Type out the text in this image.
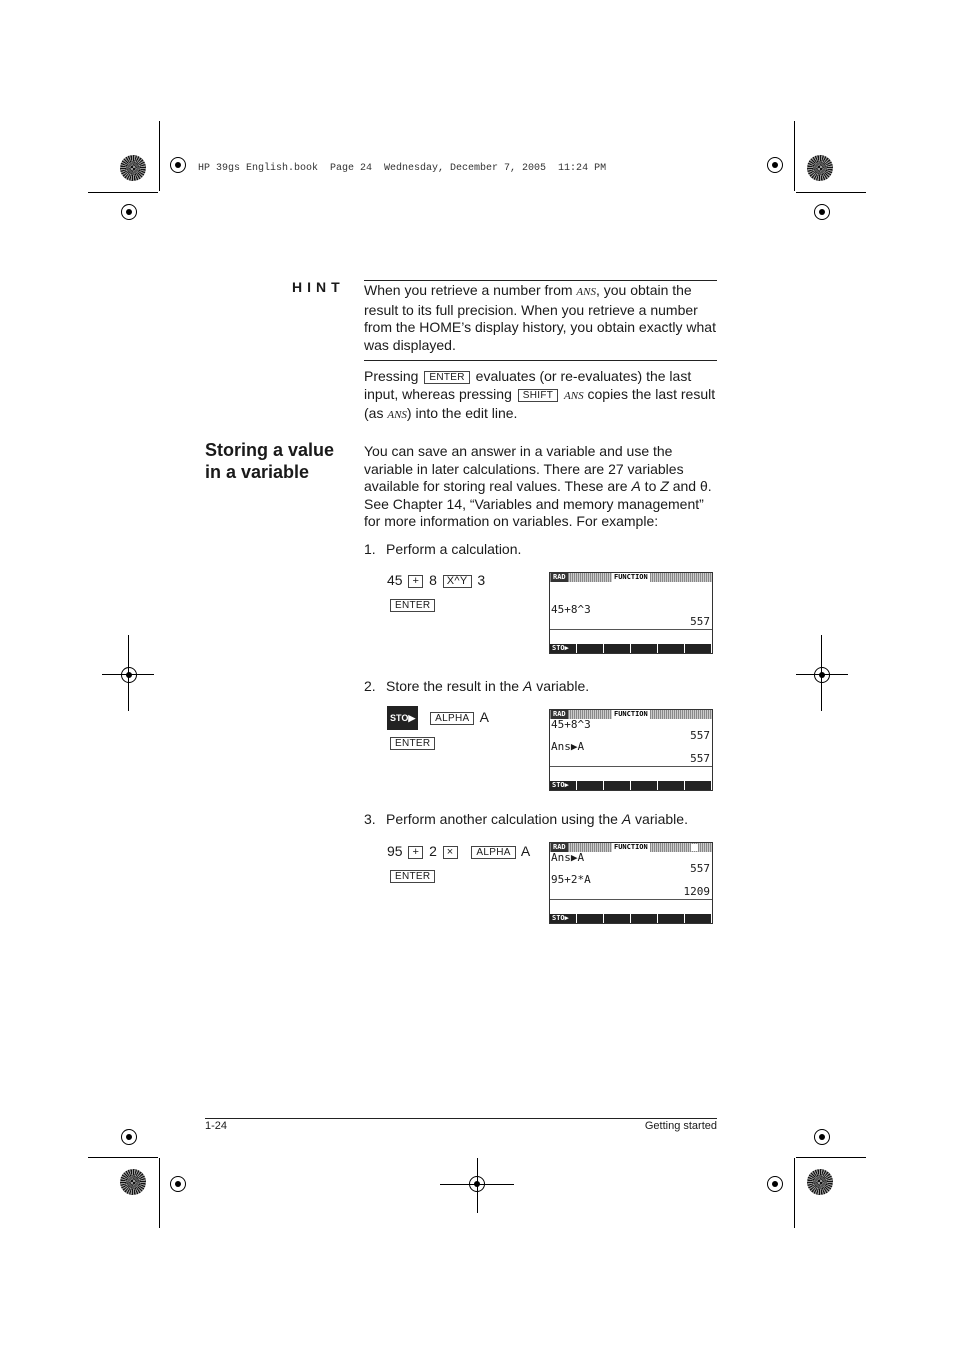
HP 39gs English.book  Page 24  Wednesday, December 7, 2005  11:24 PM
HINT When you retrieve a number from ANS, you obtain the result to its full precision. When you retrieve a number from the HOME’s display history, you obtain exactly what was displayed.
Pressing ENTER evaluates (or re-evaluates) the last input, whereas pressing SHIFT ANS copies the last result (as ANS) into the edit line.
Storing a value in a variable
You can save an answer in a variable and use the variable in later calculations. There are 27 variables available for storing real values. These are A to Z and θ. See Chapter 14, “Variables and memory management” for more information on variables. For example:
1. Perform a calculation.
45 + 8 X^Y 3
ENTER
RAD	FUNCTION
45+8^3
557
STO▶
2. Store the result in the A variable.
STO▶ ALPHA A
ENTER
RAD	FUNCTION
45+8^3
557
Ans▶A
557
STO▶
3. Perform another calculation using the A variable.
95 + 2 × ALPHA A
ENTER
RAD	FUNCTION
Ans▶A
557
95+2*A
1209
STO▶
1-24	Getting started
